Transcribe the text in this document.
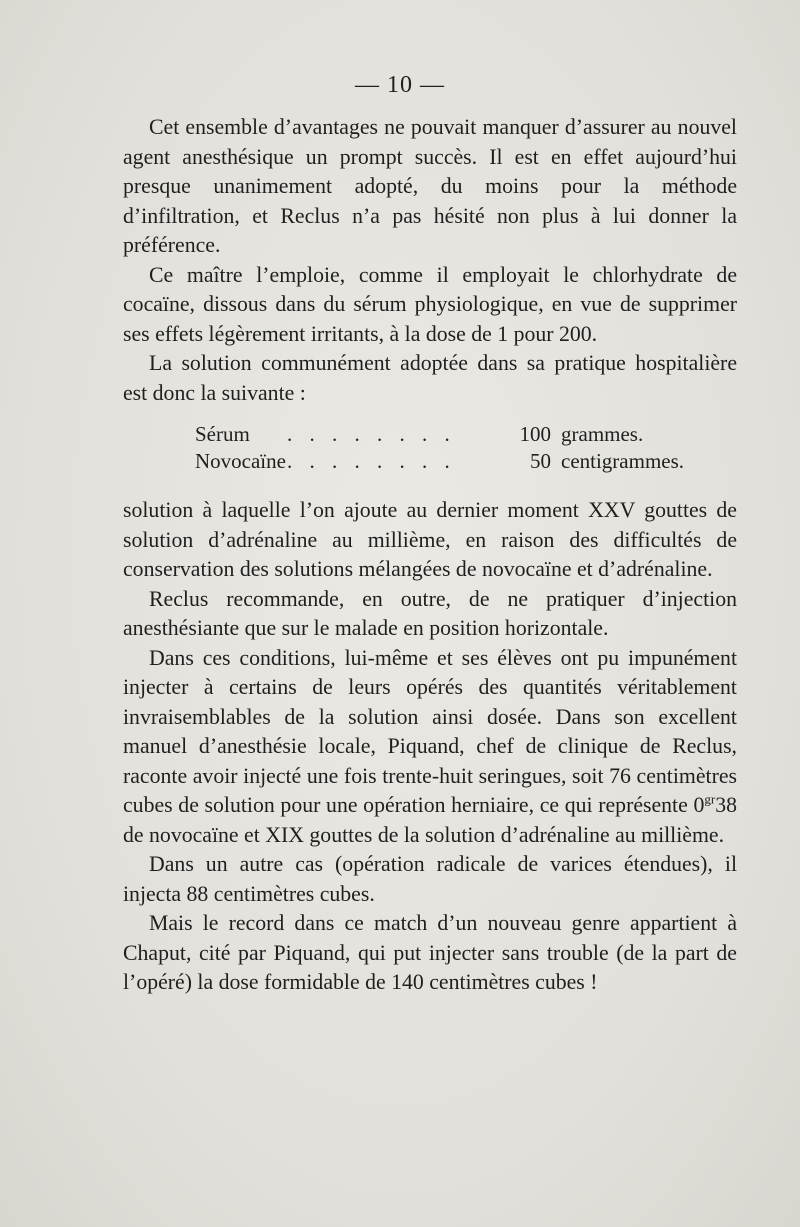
— 10 —

Cet ensemble d’avantages ne pouvait manquer d’assurer au nouvel agent anesthésique un prompt succès. Il est en effet aujourd’hui presque unanimement adopté, du moins pour la méthode d’infiltration, et Reclus n’a pas hésité non plus à lui donner la préférence.

Ce maître l’emploie, comme il employait le chlorhydrate de cocaïne, dissous dans du sérum physiologique, en vue de supprimer ses effets légèrement irritants, à la dose de 1 pour 200.

La solution communément adoptée dans sa pratique hospitalière est donc la suivante :

Sérum . . . . . . . .	100 grammes.
Novocaïne . . . . . . . .	50 centigrammes.

solution à laquelle l’on ajoute au dernier moment XXV gouttes de solution d’adrénaline au millième, en raison des difficultés de conservation des solutions mélangées de novocaïne et d’adrénaline.

Reclus recommande, en outre, de ne pratiquer d’injection anesthésiante que sur le malade en position horizontale.

Dans ces conditions, lui-même et ses élèves ont pu impunément injecter à certains de leurs opérés des quantités véritablement invraisemblables de la solution ainsi dosée. Dans son excellent manuel d’anesthésie locale, Piquand, chef de clinique de Reclus, raconte avoir injecté une fois trente-huit seringues, soit 76 centimètres cubes de solution pour une opération herniaire, ce qui représente $0^{gr}38$ de novocaïne et XIX gouttes de la solution d’adrénaline au millième.

Dans un autre cas (opération radicale de varices étendues), il injecta 88 centimètres cubes.

Mais le record dans ce match d’un nouveau genre appartient à Chaput, cité par Piquand, qui put injecter sans trouble (de la part de l’opéré) la dose formidable de 140 centimètres cubes !
